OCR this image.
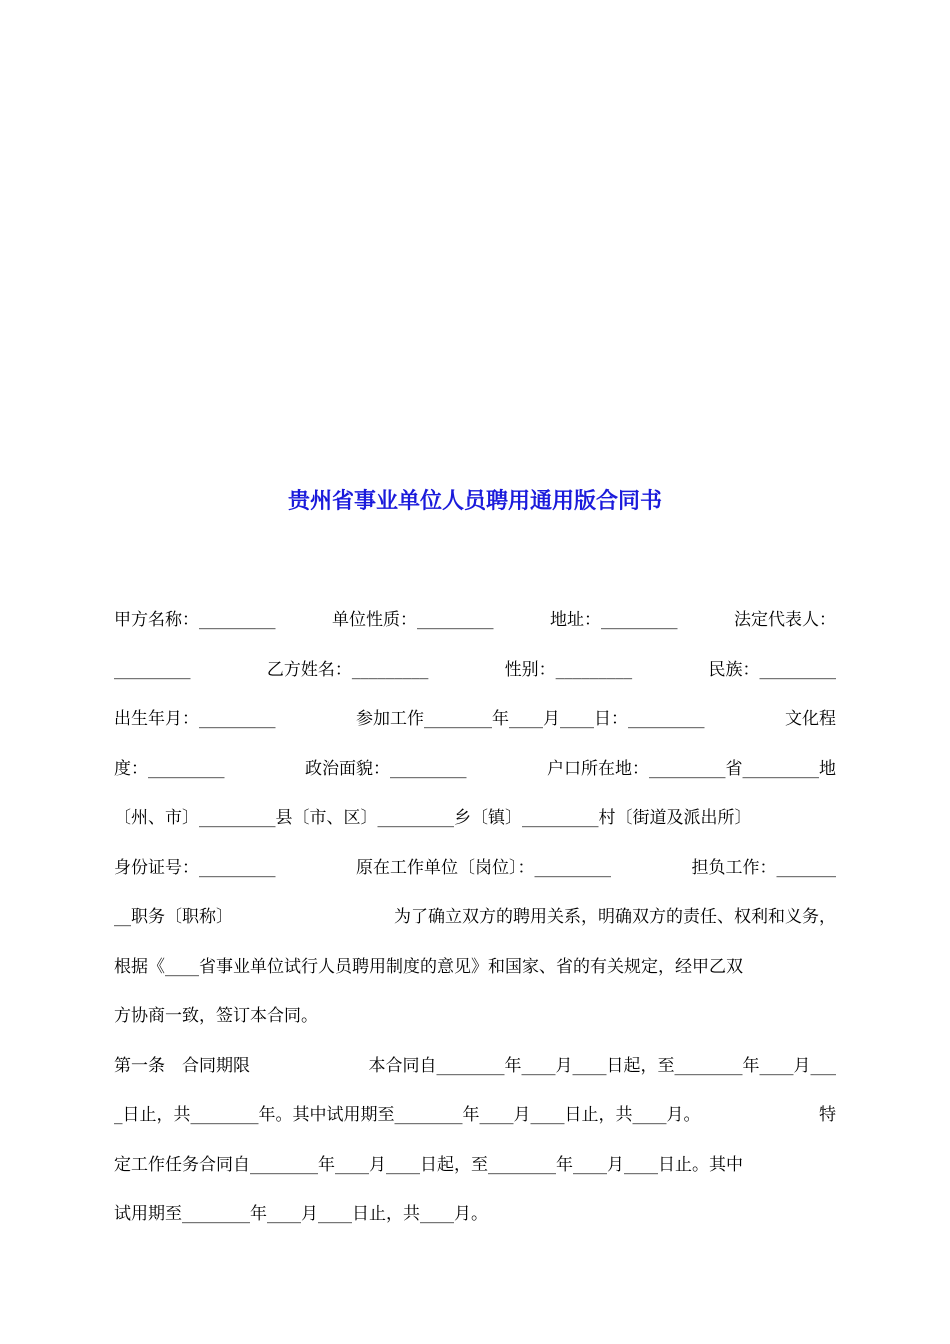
贵州省事业单位人员聘用通用版合同书
甲方名称：_________	单位性质：_________	地址：_________	法定代表人：
_________	乙方姓名：_________	性别：_________	民族：_________
出生年月：_________	参加工作________年____月____日：_________	文化程
度：_________	政治面貌：_________	户口所在地：_________省_________地
〔州、市〕_________县〔市、区〕_________乡〔镇〕_________村〔街道及派出所〕
身份证号：_________	原在工作单位〔岗位〕：_________	担负工作：_______
__职务〔职称〕	为了确立双方的聘用关系，明确双方的责任、权利和义务，
根据《____省事业单位试行人员聘用制度的意见》和国家、省的有关规定，经甲乙双
方协商一致，签订本合同。
第一条　合同期限	本合同自________年____月____日起，至________年____月___
_日止，共________年。其中试用期至________年____月____日止，共____月。	特
定工作任务合同自________年____月____日起，至________年____月____日止。其中
试用期至________年____月____日止，共____月。
